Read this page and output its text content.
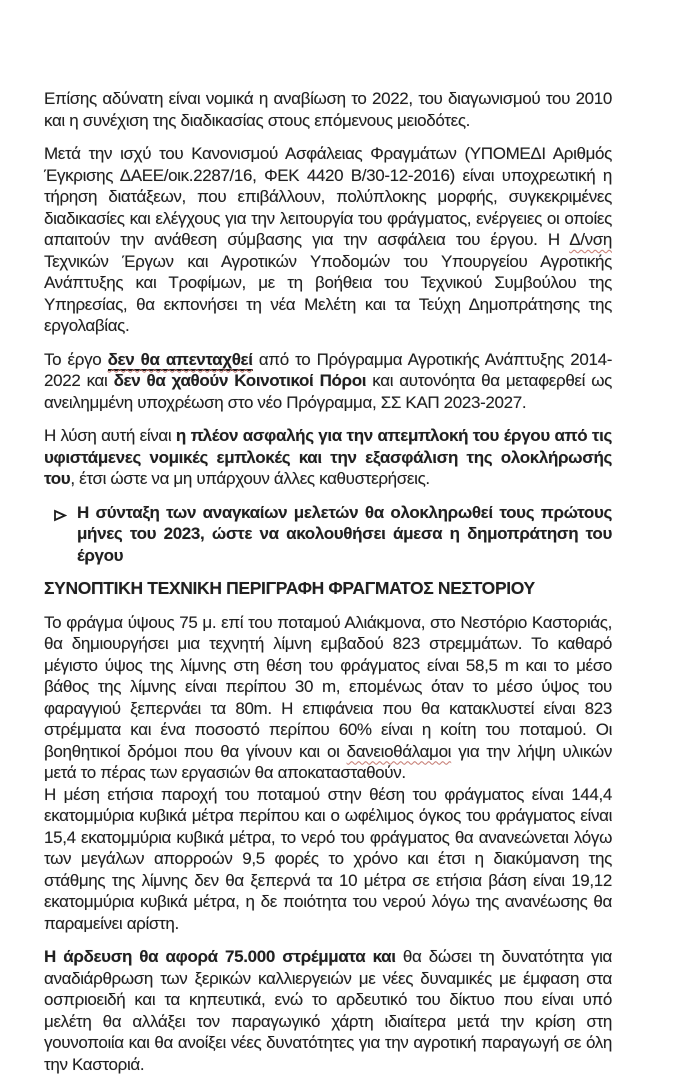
Επίσης αδύνατη είναι νομικά η αναβίωση το 2022, του διαγωνισμού του 2010 και η συνέχιση της διαδικασίας στους επόμενους μειοδότες.

Μετά την ισχύ του Κανονισμού Ασφάλειας Φραγμάτων (ΥΠΟΜΕΔΙ Αριθμός Έγκρισης ΔΑΕΕ/οικ.2287/16, ΦΕΚ 4420 Β/30-12-2016) είναι υποχρεωτική η τήρηση διατάξεων, που επιβάλλουν, πολύπλοκης μορφής, συγκεκριμένες διαδικασίες και ελέγχους για την λειτουργία του φράγματος, ενέργειες οι οποίες απαιτούν την ανάθεση σύμβασης για την ασφάλεια του έργου. Η Δ/νση Τεχνικών Έργων και Αγροτικών Υποδομών του Υπουργείου Αγροτικής Ανάπτυξης και Τροφίμων, με τη βοήθεια του Τεχνικού Συμβούλου της Υπηρεσίας, θα εκπονήσει τη νέα Μελέτη και τα Τεύχη Δημοπράτησης της εργολαβίας.

Το έργο δεν θα απενταχθεί από το Πρόγραμμα Αγροτικής Ανάπτυξης 2014-2022 και δεν θα χαθούν Κοινοτικοί Πόροι και αυτονόητα θα μεταφερθεί ως ανειλημμένη υποχρέωση στο νέο Πρόγραμμα, ΣΣ ΚΑΠ 2023-2027.

Η λύση αυτή είναι η πλέον ασφαλής για την απεμπλοκή του έργου από τις υφιστάμενες νομικές εμπλοκές και την εξασφάλιση της ολοκλήρωσής του, έτσι ώστε να μη υπάρχουν άλλες καθυστερήσεις.

Η σύνταξη των αναγκαίων μελετών θα ολοκληρωθεί τους πρώτους μήνες του 2023, ώστε να ακολουθήσει άμεσα η δημοπράτηση του έργου
ΣΥΝΟΠΤΙΚΗ ΤΕΧΝΙΚΗ ΠΕΡΙΓΡΑΦΗ ΦΡΑΓΜΑΤΟΣ ΝΕΣΤΟΡΙΟΥ

Το φράγμα ύψους 75 μ. επί του ποταμού Αλιάκμονα, στο Νεστόριο Καστοριάς, θα δημιουργήσει μια τεχνητή λίμνη εμβαδού 823 στρεμμάτων. Το καθαρό μέγιστο ύψος της λίμνης στη θέση του φράγματος είναι 58,5 m και το μέσο βάθος της λίμνης είναι περίπου 30 m, επομένως όταν το μέσο ύψος του φαραγγιού ξεπερνάει τα 80m. Η επιφάνεια που θα κατακλυστεί είναι 823 στρέμματα και ένα ποσοστό περίπου 60% είναι η κοίτη του ποταμού. Οι βοηθητικοί δρόμοι που θα γίνουν και οι δανειοθάλαμοι για την λήψη υλικών μετά το πέρας των εργασιών θα αποκατασταθούν.

Η μέση ετήσια παροχή του ποταμού στην θέση του φράγματος είναι 144,4 εκατομμύρια κυβικά μέτρα περίπου και ο ωφέλιμος όγκος του φράγματος είναι 15,4 εκατομμύρια κυβικά μέτρα, το νερό του φράγματος θα ανανεώνεται λόγω των μεγάλων απορροών 9,5 φορές το χρόνο και έτσι η διακύμανση της στάθμης της λίμνης δεν θα ξεπερνά τα 10 μέτρα σε ετήσια βάση είναι 19,12 εκατομμύρια κυβικά μέτρα, η δε ποιότητα του νερού λόγω της ανανέωσης θα παραμείνει αρίστη.

Η άρδευση θα αφορά 75.000 στρέμματα και θα δώσει τη δυνατότητα για αναδιάρθρωση των ξερικών καλλιεργειών με νέες δυναμικές με έμφαση στα οσπριοειδή και τα κηπευτικά, ενώ το αρδευτικό του δίκτυο που είναι υπό μελέτη θα αλλάξει τον παραγωγικό χάρτη ιδιαίτερα μετά την κρίση στη γουνοποιία και θα ανοίξει νέες δυνατότητες για την αγροτική παραγωγή σε όλη την Καστοριά.
